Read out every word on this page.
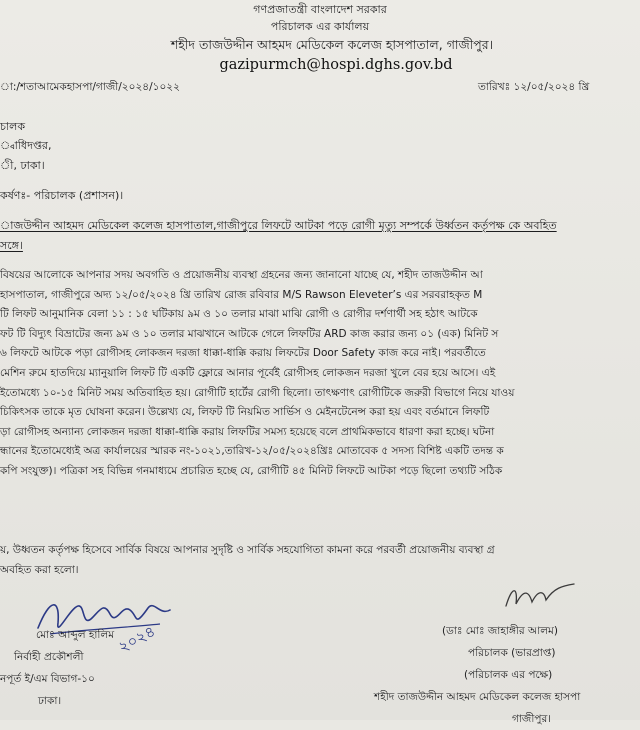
গণপ্রজাতন্ত্রী বাংলাদেশ সরকার
পরিচালক এর কার্যালয়
শহীদ তাজউদ্দীন আহমদ মেডিকেল কলেজ হাসপাতাল, গাজীপুর।
gazipurmch@hospi.dghs.gov.bd
া:/শতাআমেকহাসপা/গাজী/২০২৪/১০২২	তারিখঃ ১২/০৫/২০২৪ খ্রি
চালক
্বাধিদপ্তর,
ী, ঢাকা।
কর্ষণঃ- পরিচালক (প্রশাসন)।
াজউদ্দীন আহমদ মেডিকেল কলেজ হাসপাতাল,গাজীপুরে লিফটে আটকা পড়ে রোগী মৃত্যু সম্পর্কে উর্ধ্বতন কর্তৃপক্ষ কে অবহিত
সঙ্গে।
বিষয়ের আলোকে আপনার সদয় অবগতি ও প্রয়োজনীয় ব্যবস্থা গ্রহনের জন্য জানানো যাচ্ছে যে, শহীদ তাজউদ্দীন আ
হাসপাতাল, গাজীপুরে অদ্য ১২/০৫/২০২৪ খ্রি তারিখ রোজ রবিবার M/S Rawson Eleveter’s এর সরবরাহকৃত M
টি লিফট আনুমানিক বেলা ১১ : ১৫ ঘটিকায় ৯ম ও ১০ তলার মাঝা মাঝি রোগী ও রোগীর দর্শণার্থী সহ হঠাৎ আটকে
ফট টি বিদ্যুৎ বিভ্রাটের জন্য ৯ম ও ১০ তলার মাঝখানে আটকে গেলে লিফটির ARD কাজ করার জন্য ০১ (এক) মিনিট স
৬ লিফটে আটকে পড়া রোগীসহ লোকজন দরজা ধাক্কা-ধাক্কি করায় লিফটের Door Safety কাজ করে নাই। পরবর্তীতে
মেশিন রুমে হাতদিয়ে ম্যানুয়ালি লিফট টি একটি ফ্লোরে আনার পূর্বেই রোগীসহ লোকজন দরজা খুলে বের হয়ে আসে। এই
ইতোমধ্যে ১০-১৫ মিনিট সময় অতিবাহিত হয়। রোগীটি হার্টের রোগী ছিলো। তাৎক্ষণাৎ রোগীটিকে জরুরী বিভাগে নিয়ে যাওয়
চিকিৎসক তাকে মৃত ঘোষনা করেন। উল্লেখ্য যে, লিফট টি নিয়মিত সার্ভিস ও মেইনটেনেন্স করা হয় এবং বর্তমানে লিফটি
ড়া রোগীসহ অন্যান্য লোকজন দরজা ধাক্কা-ধাক্কি করায় লিফটির সমস্য হয়েছে বলে প্রাথমিকভাবে ধারণা করা হচ্ছে। ঘটনা
ন্ধানের ইতোমেধ্যেই অত্র কার্যালয়ের স্মারক নং-১০২১,তারিখ-১২/০৫/২০২৪খ্রিঃ মোতাবেক ৫ সদস্য বিশিষ্ট একটি তদন্ত ক
কপি সংযুক্ত)। পত্রিকা সহ বিভিন্ন গনমাধ্যমে প্রচারিত হচ্ছে যে, রোগীটি ৪৫ মিনিট লিফটে আটকা পড়ে ছিলো তথ্যটি সঠিক
য়, উধ্বতন কর্তৃপক্ষ হিসেবে সার্বিক বিষয়ে আপনার সুদৃষ্টি ও সার্বিক সহযোগিতা কামনা করে পরবর্তী প্রয়োজনীয় ব্যবস্থা গ্র
অবহিত করা হলো।
২০২৪
মোঃ আব্দুল হালিম
নির্বাহী প্রকৌশলী
নপূর্ত ই/এম বিভাগ-১০
ঢাকা।
(ডাঃ মোঃ জাহাঙ্গীর আলম)
পরিচালক (ভারপ্রাপ্ত)
(পরিচালক এর পক্ষে)
শহীদ তাজউদ্দীন আহমদ মেডিকেল কলেজ হাসপা
গাজীপুর।
